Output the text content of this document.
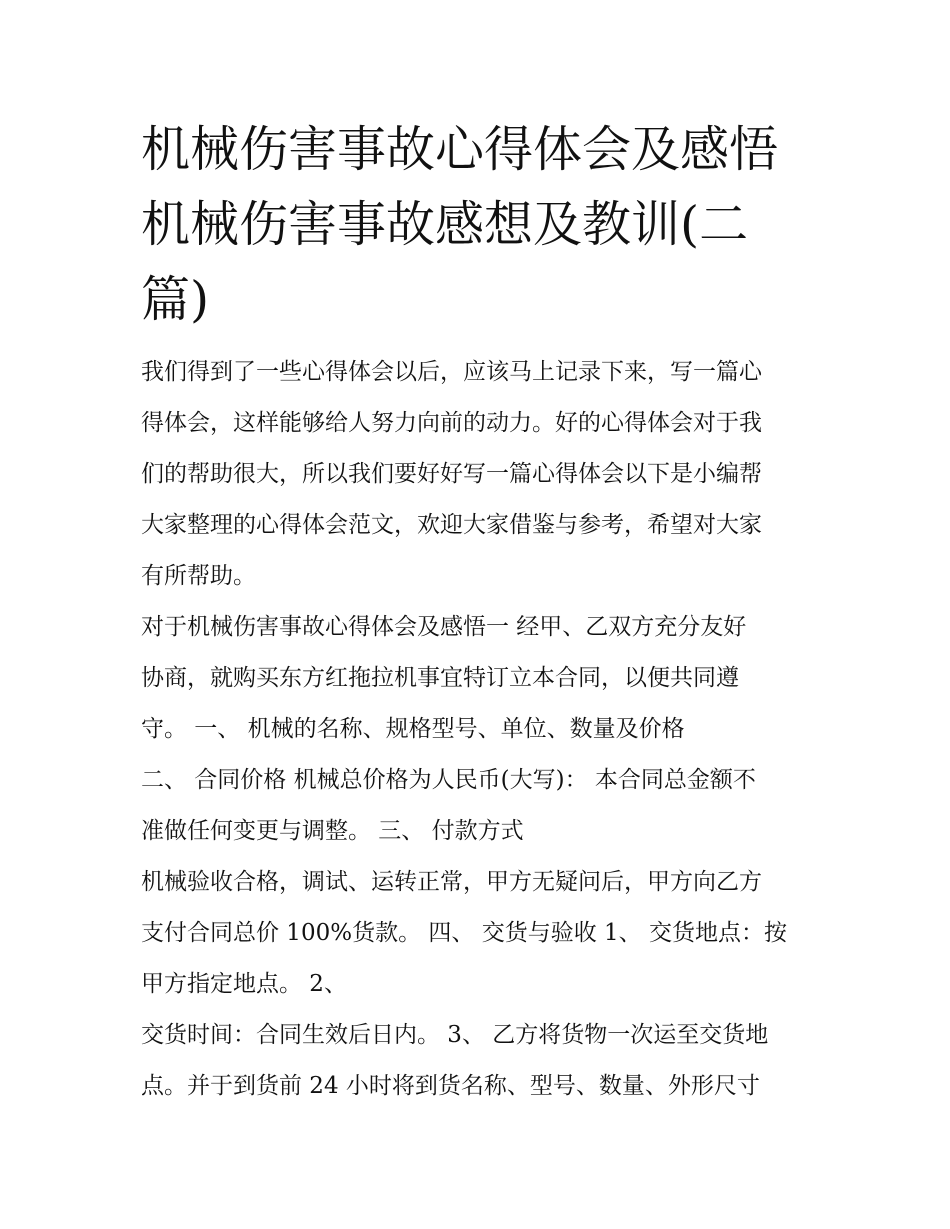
机械伤害事故心得体会及感悟
机械伤害事故感想及教训(二
篇)

我们得到了一些心得体会以后，应该马上记录下来，写一篇心
得体会，这样能够给人努力向前的动力。好的心得体会对于我
们的帮助很大，所以我们要好好写一篇心得体会以下是小编帮
大家整理的心得体会范文，欢迎大家借鉴与参考，希望对大家
有所帮助。

对于机械伤害事故心得体会及感悟一 经甲、乙双方充分友好
协商，就购买东方红拖拉机事宜特订立本合同，以便共同遵
守。 一、 机械的名称、规格型号、单位、数量及价格

二、 合同价格 机械总价格为人民币(大写)： 本合同总金额不
准做任何变更与调整。 三、 付款方式

机械验收合格，调试、运转正常，甲方无疑问后，甲方向乙方
支付合同总价 100%货款。 四、 交货与验收 1、 交货地点：按
甲方指定地点。 2、

交货时间：合同生效后日内。 3、 乙方将货物一次运至交货地
点。并于到货前 24 小时将到货名称、型号、数量、外形尺寸
